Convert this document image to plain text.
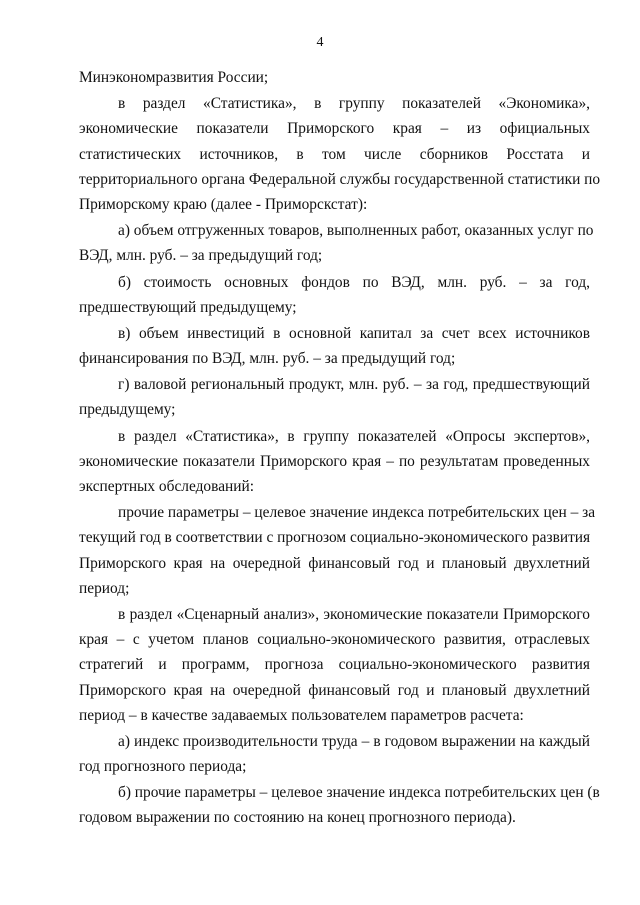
4
Минэкономразвития России;
в раздел «Статистика», в группу показателей «Экономика»,
экономические показатели Приморского края – из официальных
статистических источников, в том числе сборников Росстата и
территориального органа Федеральной службы государственной статистики по
Приморскому краю (далее - Приморскстат):
а) объем отгруженных товаров, выполненных работ, оказанных услуг по
ВЭД, млн. руб. – за предыдущий год;
б) стоимость основных фондов по ВЭД, млн. руб. – за год,
предшествующий предыдущему;
в) объем инвестиций в основной капитал за счет всех источников
финансирования по ВЭД, млн. руб. – за предыдущий год;
г) валовой региональный продукт, млн. руб. – за год, предшествующий
предыдущему;
в раздел «Статистика», в группу показателей «Опросы экспертов»,
экономические показатели Приморского края – по результатам проведенных
экспертных обследований:
прочие параметры – целевое значение индекса потребительских цен – за
текущий год в соответствии с прогнозом социально-экономического развития
Приморского края на очередной финансовый год и плановый двухлетний
период;
в раздел «Сценарный анализ», экономические показатели Приморского
края – с учетом планов социально-экономического развития, отраслевых
стратегий и программ, прогноза социально-экономического развития
Приморского края на очередной финансовый год и плановый двухлетний
период – в качестве задаваемых пользователем параметров расчета:
а) индекс производительности труда – в годовом выражении на каждый
год прогнозного периода;
б) прочие параметры – целевое значение индекса потребительских цен (в
годовом выражении по состоянию на конец прогнозного периода).
